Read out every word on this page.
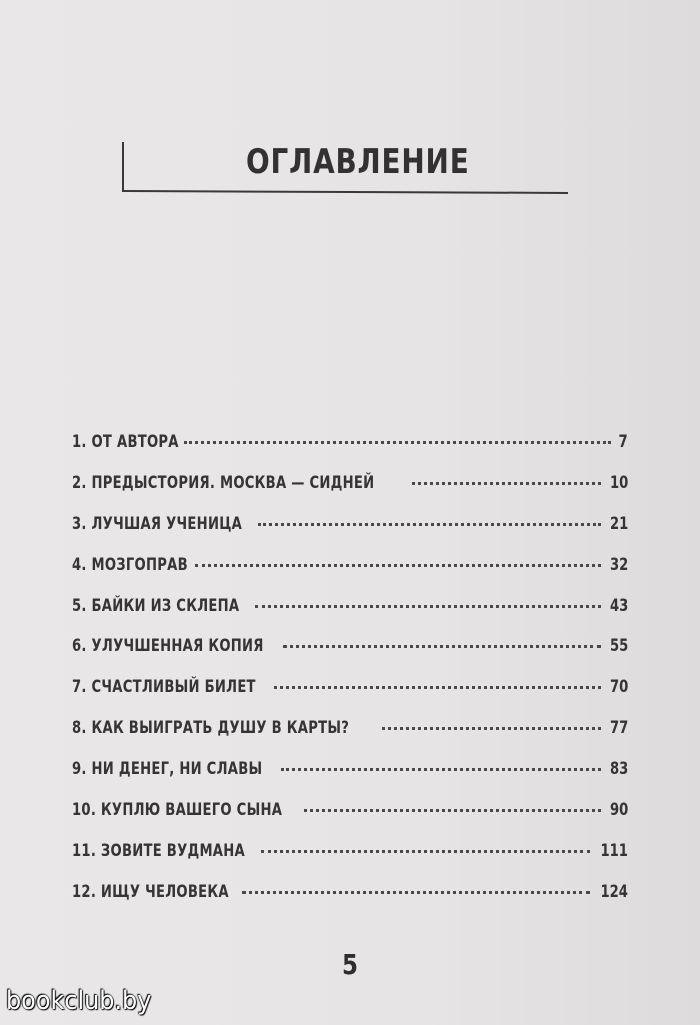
ОГЛАВЛЕНИЕ
1. ОТ АВТОРА	7
2. ПРЕДЫСТОРИЯ. МОСКВА — СИДНЕЙ	10
3. ЛУЧШАЯ УЧЕНИЦА	21
4. МОЗГОПРАВ	32
5. БАЙКИ ИЗ СКЛЕПА	43
6. УЛУЧШЕННАЯ КОПИЯ	55
7. СЧАСТЛИВЫЙ БИЛЕТ	70
8. КАК ВЫИГРАТЬ ДУШУ В КАРТЫ?	77
9. НИ ДЕНЕГ, НИ СЛАВЫ	83
10. КУПЛЮ ВАШЕГО СЫНА	90
11. ЗОВИТЕ ВУДМАНА	111
12. ИЩУ ЧЕЛОВЕКА	124
5
bookclub.by
